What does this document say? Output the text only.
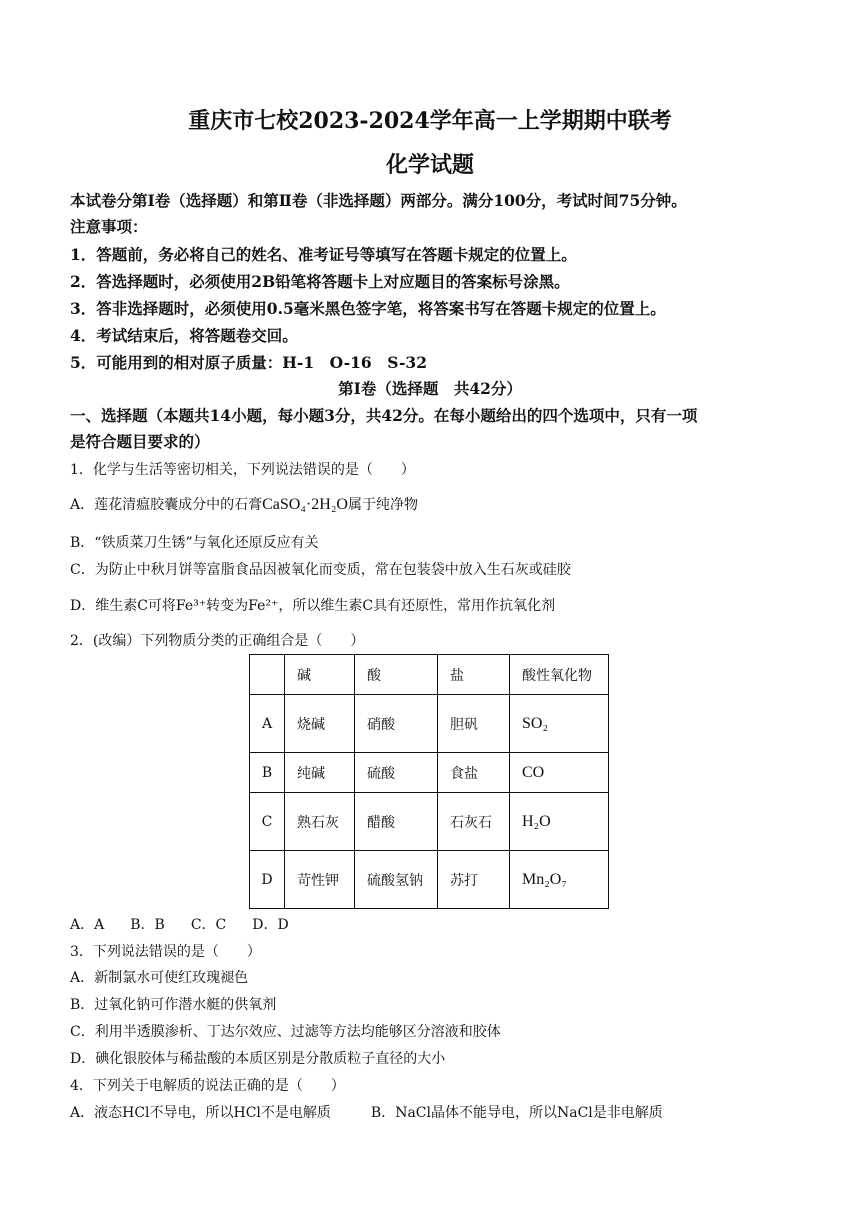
重庆市七校2023-2024学年高一上学期期中联考
化学试题
本试卷分第Ⅰ卷（选择题）和第Ⅱ卷（非选择题）两部分。满分100分，考试时间75分钟。
注意事项：
1．答题前，务必将自己的姓名、准考证号等填写在答题卡规定的位置上。
2．答选择题时，必须使用2B铅笔将答题卡上对应题目的答案标号涂黑。
3．答非选择题时，必须使用0.5毫米黑色签字笔，将答案书写在答题卡规定的位置上。
4．考试结束后，将答题卷交回。
5．可能用到的相对原子质量：H-1　O-16　S-32
第Ⅰ卷（选择题　共42分）
一、选择题（本题共14小题，每小题3分，共42分。在每小题给出的四个选项中，只有一项
是符合题目要求的）
1．化学与生活等密切相关，下列说法错误的是（　　）
A．莲花清瘟胶囊成分中的石膏CaSO₄·2H₂O属于纯净物
B．“铁质菜刀生锈”与氧化还原反应有关
C．为防止中秋月饼等富脂食品因被氧化而变质，常在包装袋中放入生石灰或硅胶
D．维生素C可将Fe³⁺转变为Fe²⁺，所以维生素C具有还原性，常用作抗氧化剂
2．(改编）下列物质分类的正确组合是（　　）
	碱	酸	盐	酸性氧化物
A	烧碱	硝酸	胆矾	SO₂
B	纯碱	硫酸	食盐	CO
C	熟石灰	醋酸	石灰石	H₂O
D	苛性钾	硫酸氢钠	苏打	Mn₂O₇
A．A B．B C．C D．D
3．下列说法错误的是（　　）
A．新制氯水可使红玫瑰褪色
B．过氧化钠可作潜水艇的供氧剂
C．利用半透膜渗析、丁达尔效应、过滤等方法均能够区分溶液和胶体
D．碘化银胶体与稀盐酸的本质区别是分散质粒子直径的大小
4．下列关于电解质的说法正确的是（　　）
A．液态HCl不导电，所以HCl不是电解质	B．NaCl晶体不能导电，所以NaCl是非电解质
